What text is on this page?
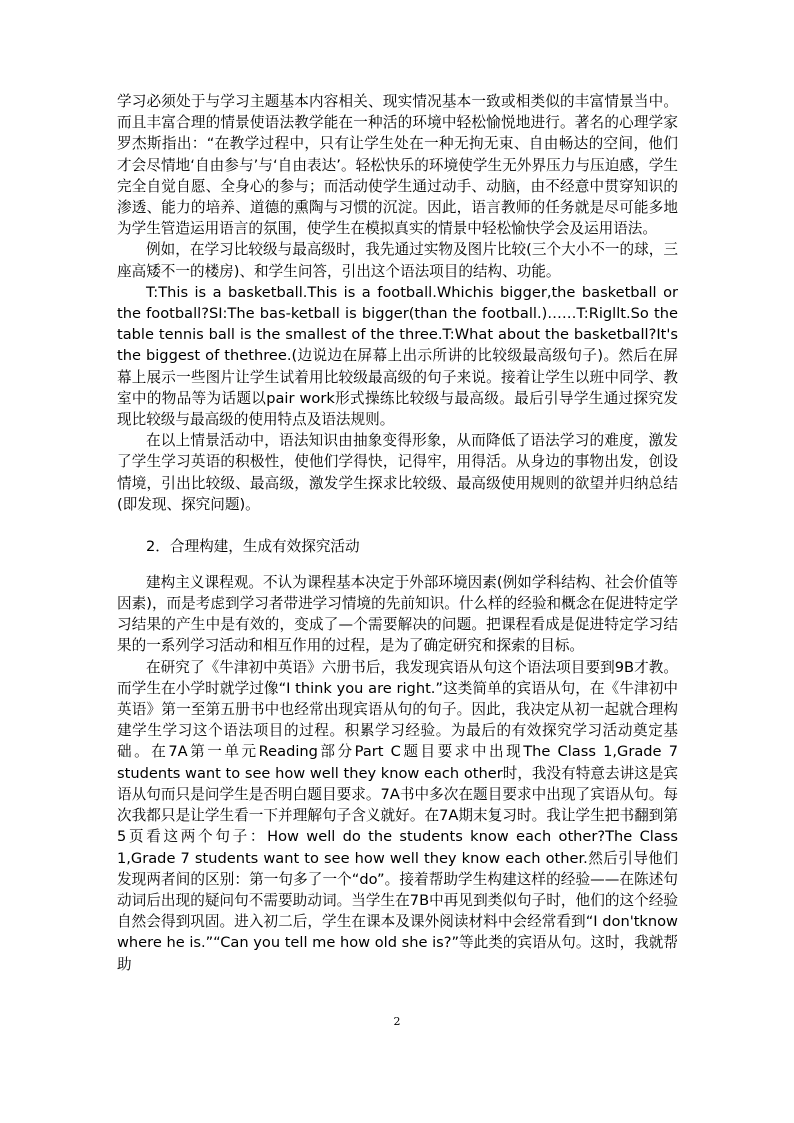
学习必须处于与学习主题基本内容相关、现实情况基本一致或相类似的丰富情景当中。而且丰富合理的情景使语法教学能在一种活的环境中轻松愉悦地进行。著名的心理学家罗杰斯指出：“在教学过程中，只有让学生处在一种无拘无束、自由畅达的空间，他们才会尽情地‘自由参与’与‘自由表达’。轻松快乐的环境使学生无外界压力与压迫感，学生完全自觉自愿、全身心的参与；而活动使学生通过动手、动脑，由不经意中贯穿知识的渗透、能力的培养、道德的熏陶与习惯的沉淀。因此，语言教师的任务就是尽可能多地为学生管造运用语言的氛围，使学生在模拟真实的情景中轻松愉快学会及运用语法。

例如，在学习比较级与最高级时，我先通过实物及图片比较(三个大小不一的球，三座高矮不一的楼房)、和学生问答，引出这个语法项目的结构、功能。

T:This is a basketball.This is a football.Whichis bigger,the basketball or the football?SI:The bas-ketball is bigger(than the football.)……T:Rigllt.So the table tennis ball is the smallest of the three.T:What about the basketball?It's the biggest of thethree.(边说边在屏幕上出示所讲的比较级最高级句子)。然后在屏幕上展示一些图片让学生试着用比较级最高级的句子来说。接着让学生以班中同学、教室中的物品等为话题以pair work形式操练比较级与最高级。最后引导学生通过探究发现比较级与最高级的使用特点及语法规则。

在以上情景活动中，语法知识由抽象变得形象，从而降低了语法学习的难度，激发了学生学习英语的积极性，使他们学得快，记得牢，用得活。从身边的事物出发，创设情境，引出比较级、最高级，激发学生探求比较级、最高级使用规则的欲望并归纳总结(即发现、探究问题)。

2．合理构建，生成有效探究活动

建构主义课程观。不认为课程基本决定于外部环境因素(例如学科结构、社会价值等因素)，而是考虑到学习者带进学习情境的先前知识。什么样的经验和概念在促进特定学习结果的产生中是有效的，变成了—个需要解决的问题。把课程看成是促进特定学习结果的一系列学习活动和相互作用的过程，是为了确定研究和探索的目标。

在研究了《牛津初中英语》六册书后，我发现宾语从句这个语法项目要到9B才教。而学生在小学时就学过像“I think you are right.”这类简单的宾语从句，在《牛津初中英语》第一至第五册书中也经常出现宾语从句的句子。因此，我决定从初一起就合理构建学生学习这个语法项目的过程。积累学习经验。为最后的有效探究学习活动奠定基础。在7A第一单元Reading部分Part C题目要求中出现The Class 1,Grade 7 students want to see how well they know each other时，我没有特意去讲这是宾语从句而只是问学生是否明白题目要求。7A书中多次在题目要求中出现了宾语从句。每次我都只是让学生看一下并理解句子含义就好。在7A期末复习时。我让学生把书翻到第5页看这两个句子：How well do the students know each other?The Class 1,Grade 7 students want to see how well they know each other.然后引导他们发现两者间的区别：第一句多了一个“do”。接着帮助学生构建这样的经验——在陈述句动词后出现的疑问句不需要助动词。当学生在7B中再见到类似句子时，他们的这个经验自然会得到巩固。进入初二后，学生在课本及课外阅读材料中会经常看到“I don'tknow where he is.”“Can you tell me how old she is?”等此类的宾语从句。这时，我就帮助

2
